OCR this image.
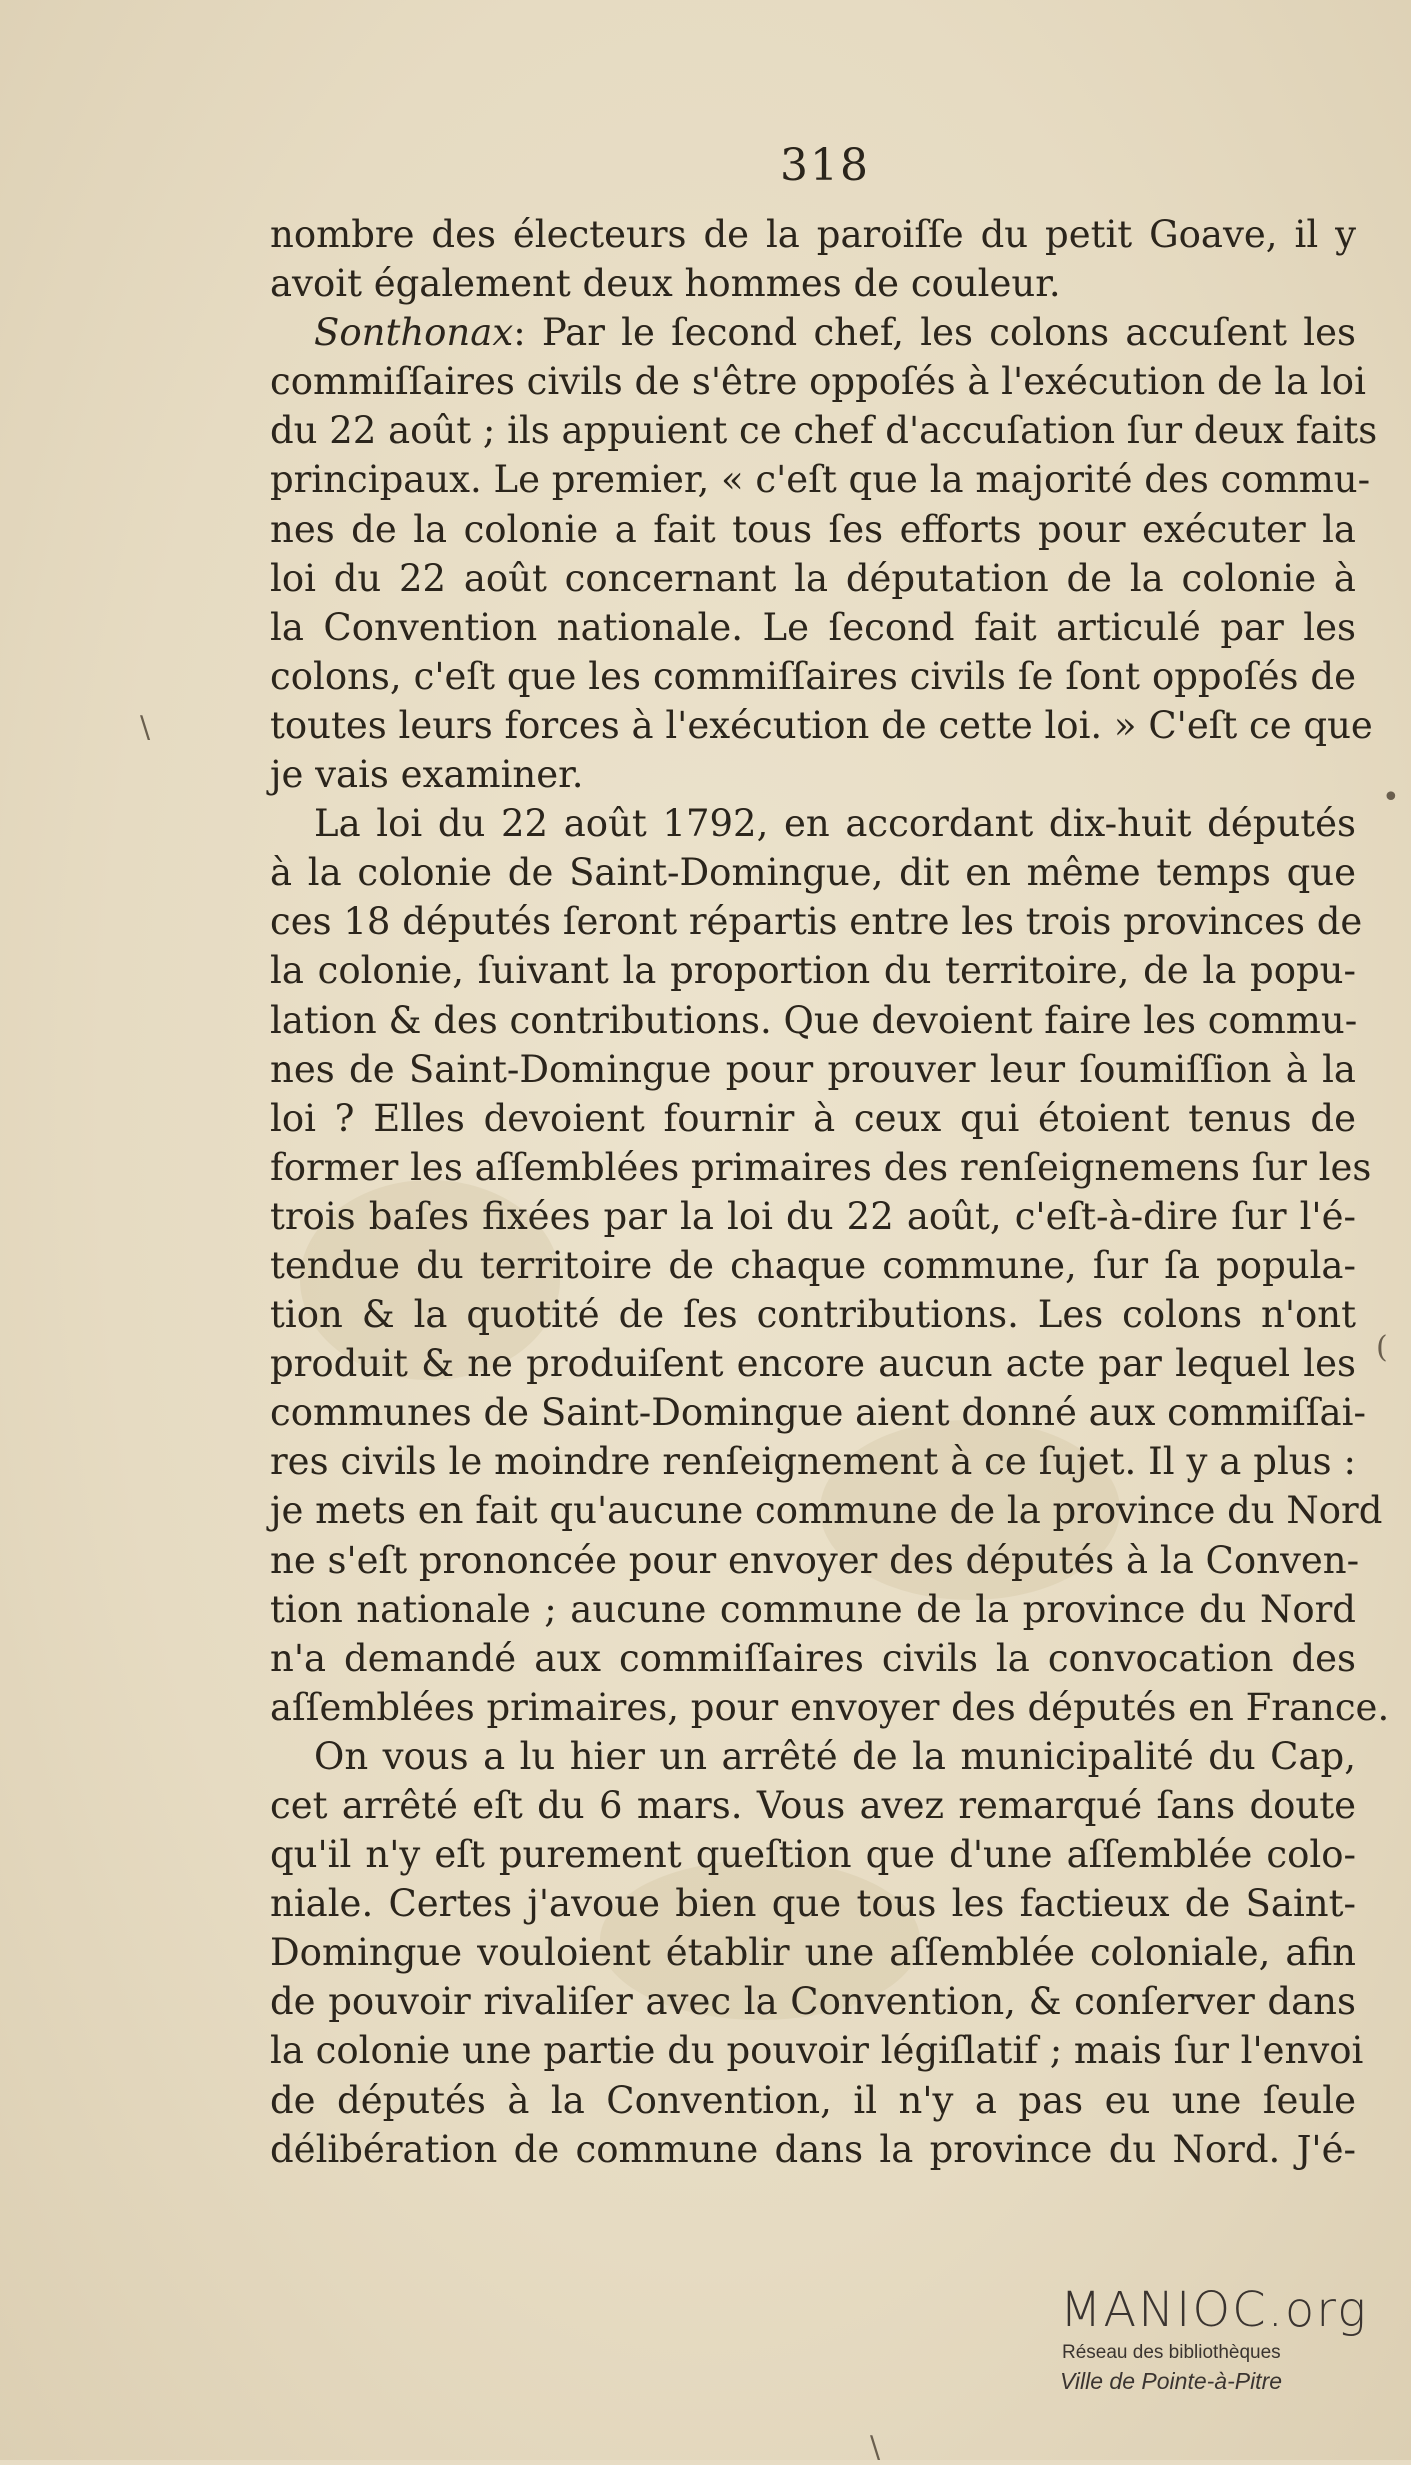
318
nombre des électeurs de la paroiſſe du petit Goave, il y
avoit également deux hommes de couleur.
Sonthonax: Par le ſecond chef, les colons accuſent les
commiſſaires civils de s'être oppoſés à l'exécution de la loi
du 22 août ; ils appuient ce chef d'accuſation ſur deux faits
principaux. Le premier, « c'eſt que la majorité des commu-
nes de la colonie a fait tous ſes efforts pour exécuter la
loi du 22 août concernant la députation de la colonie à
la Convention nationale. Le ſecond fait articulé par les
colons, c'eſt que les commiſſaires civils ſe ſont oppoſés de
toutes leurs forces à l'exécution de cette loi. » C'eſt ce que
je vais examiner.
La loi du 22 août 1792, en accordant dix-huit députés
à la colonie de Saint-Domingue, dit en même temps que
ces 18 députés ſeront répartis entre les trois provinces de
la colonie, ſuivant la proportion du territoire, de la popu-
lation & des contributions. Que devoient faire les commu-
nes de Saint-Domingue pour prouver leur ſoumiſſion à la
loi ? Elles devoient fournir à ceux qui étoient tenus de
former les aſſemblées primaires des renſeignemens ſur les
trois baſes fixées par la loi du 22 août, c'eſt-à-dire ſur l'é-
tendue du territoire de chaque commune, ſur ſa popula-
tion & la quotité de ſes contributions. Les colons n'ont
produit & ne produiſent encore aucun acte par lequel les
communes de Saint-Domingue aient donné aux commiſſai-
res civils le moindre renſeignement à ce ſujet. Il y a plus :
je mets en fait qu'aucune commune de la province du Nord
ne s'eſt prononcée pour envoyer des députés à la Conven-
tion nationale ; aucune commune de la province du Nord
n'a demandé aux commiſſaires civils la convocation des
aſſemblées primaires, pour envoyer des députés en France.
On vous a lu hier un arrêté de la municipalité du Cap,
cet arrêté eſt du 6 mars. Vous avez remarqué ſans doute
qu'il n'y eſt purement queſtion que d'une aſſemblée colo-
niale. Certes j'avoue bien que tous les factieux de Saint-
Domingue vouloient établir une aſſemblée coloniale, afin
de pouvoir rivaliſer avec la Convention, & conſerver dans
la colonie une partie du pouvoir légiſlatif ; mais ſur l'envoi
de députés à la Convention, il n'y a pas eu une ſeule
délibération de commune dans la province du Nord. J'é-
\
•
(
\
MANIOC.org
Réseau des bibliothèques
Ville de Pointe-à-Pitre
